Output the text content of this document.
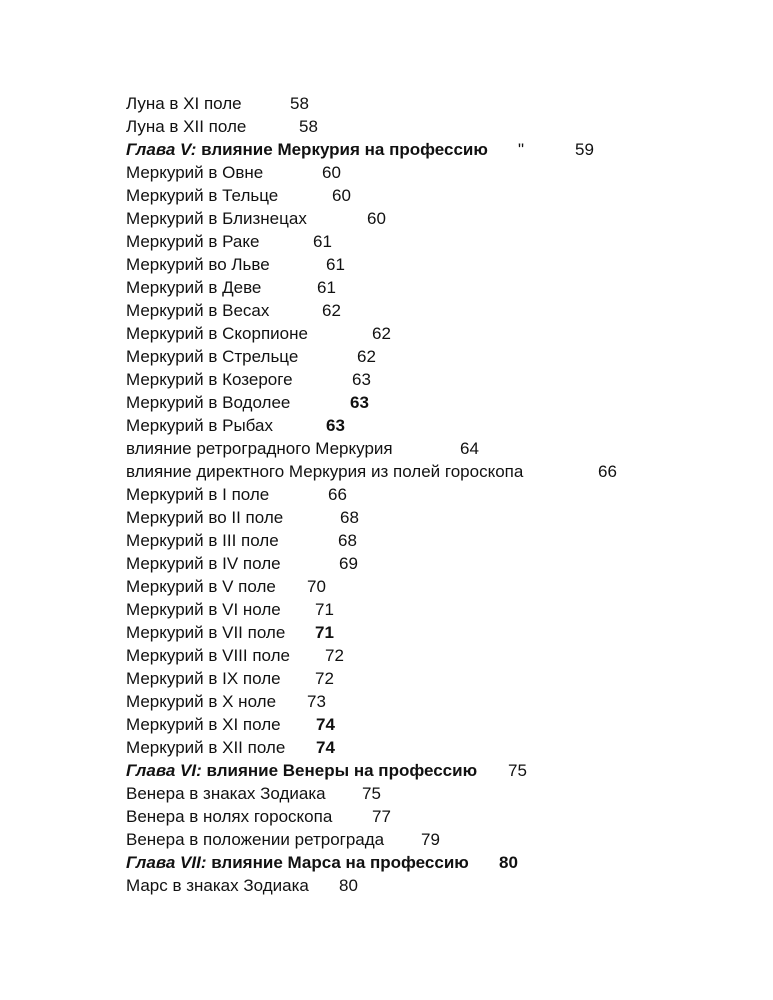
Луна в XI поле	58
Луна в XII поле	58
Глава V: влияние Меркурия на профессию "	59
Меркурий в Овне	60
Меркурий в Тельце	60
Меркурий в Близнецах	60
Меркурий в Раке	61
Меркурий во Льве	61
Меркурий в Деве	61
Меркурий в Весах	62
Меркурий в Скорпионе	62
Меркурий в Стрельце	62
Меркурий в Козероге	63
Меркурий в Водолее	63
Меркурий в Рыбах	63
влияние ретроградного Меркурия	64
влияние директного Меркурия из полей гороскопа	66
Меркурий в I поле	66
Меркурий во II поле	68
Меркурий в III поле	68
Меркурий в IV поле	69
Меркурий в V поле 70
Меркурий в VI ноле 71
Меркурий в VII поле 71
Меркурий в VIII поле 72
Меркурий в IX поле 72
Меркурий в X ноле 73
Меркурий в XI поле 74
Меркурий в XII поле 74
Глава VI: влияние Венеры на профессию 75
Венера в знаках Зодиака 75
Венера в нолях гороскопа 77
Венера в положении ретроградa 79
Глава VII: влияние Марса на профессию 80
Марс в знаках Зодиака 80
